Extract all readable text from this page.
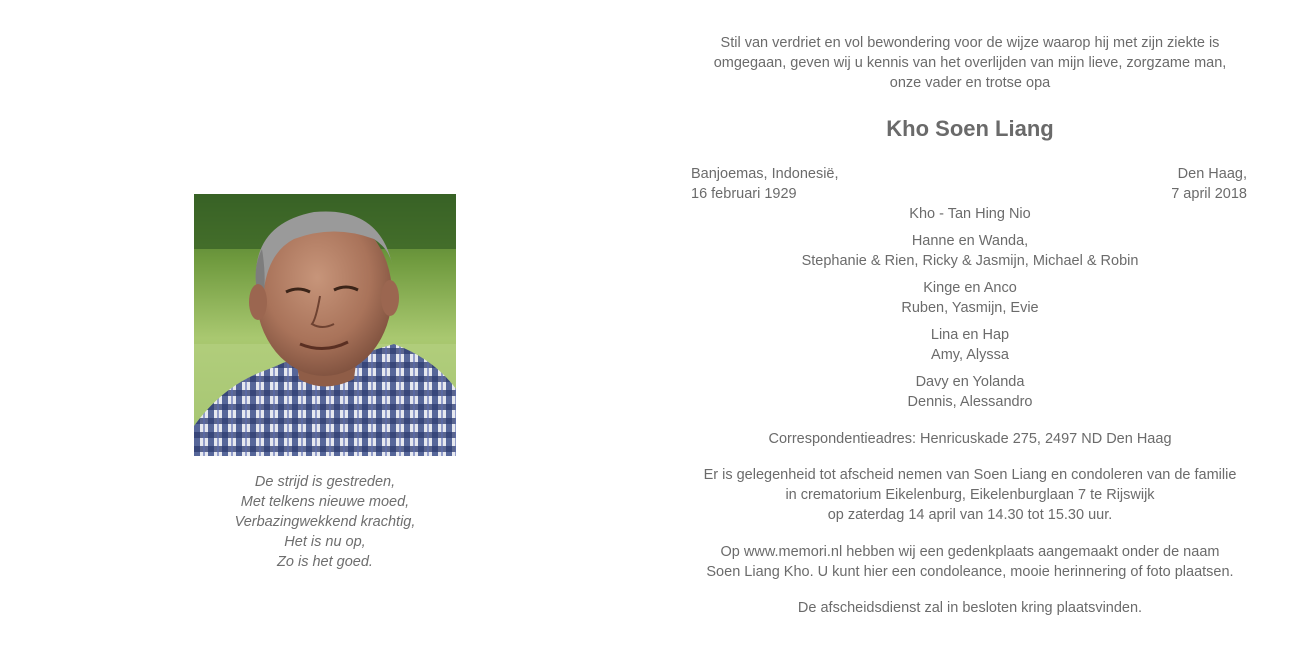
De strijd is gestreden,
Met telkens nieuwe moed,
Verbazingwekkend krachtig,
Het is nu op,
Zo is het goed.
Stil van verdriet en vol bewondering voor de wijze waarop hij met zijn ziekte is
omgegaan, geven wij u kennis van het overlijden van mijn lieve, zorgzame man,
onze vader en trotse opa
Kho Soen Liang
Banjoemas, Indonesië,
16 februari 1929
Den Haag,
7 april 2018
Kho - Tan Hing Nio
Hanne en Wanda,
Stephanie & Rien, Ricky & Jasmijn, Michael & Robin
Kinge en Anco
Ruben, Yasmijn, Evie
Lina en Hap
Amy, Alyssa
Davy en Yolanda
Dennis, Alessandro
Correspondentieadres: Henricuskade 275, 2497 ND Den Haag
Er is gelegenheid tot afscheid nemen van Soen Liang en condoleren van de familie
in crematorium Eikelenburg, Eikelenburglaan 7 te Rijswijk
op zaterdag 14 april van 14.30 tot 15.30 uur.
Op www.memori.nl hebben wij een gedenkplaats aangemaakt onder de naam
Soen Liang Kho. U kunt hier een condoleance, mooie herinnering of foto plaatsen.
De afscheidsdienst zal in besloten kring plaatsvinden.
